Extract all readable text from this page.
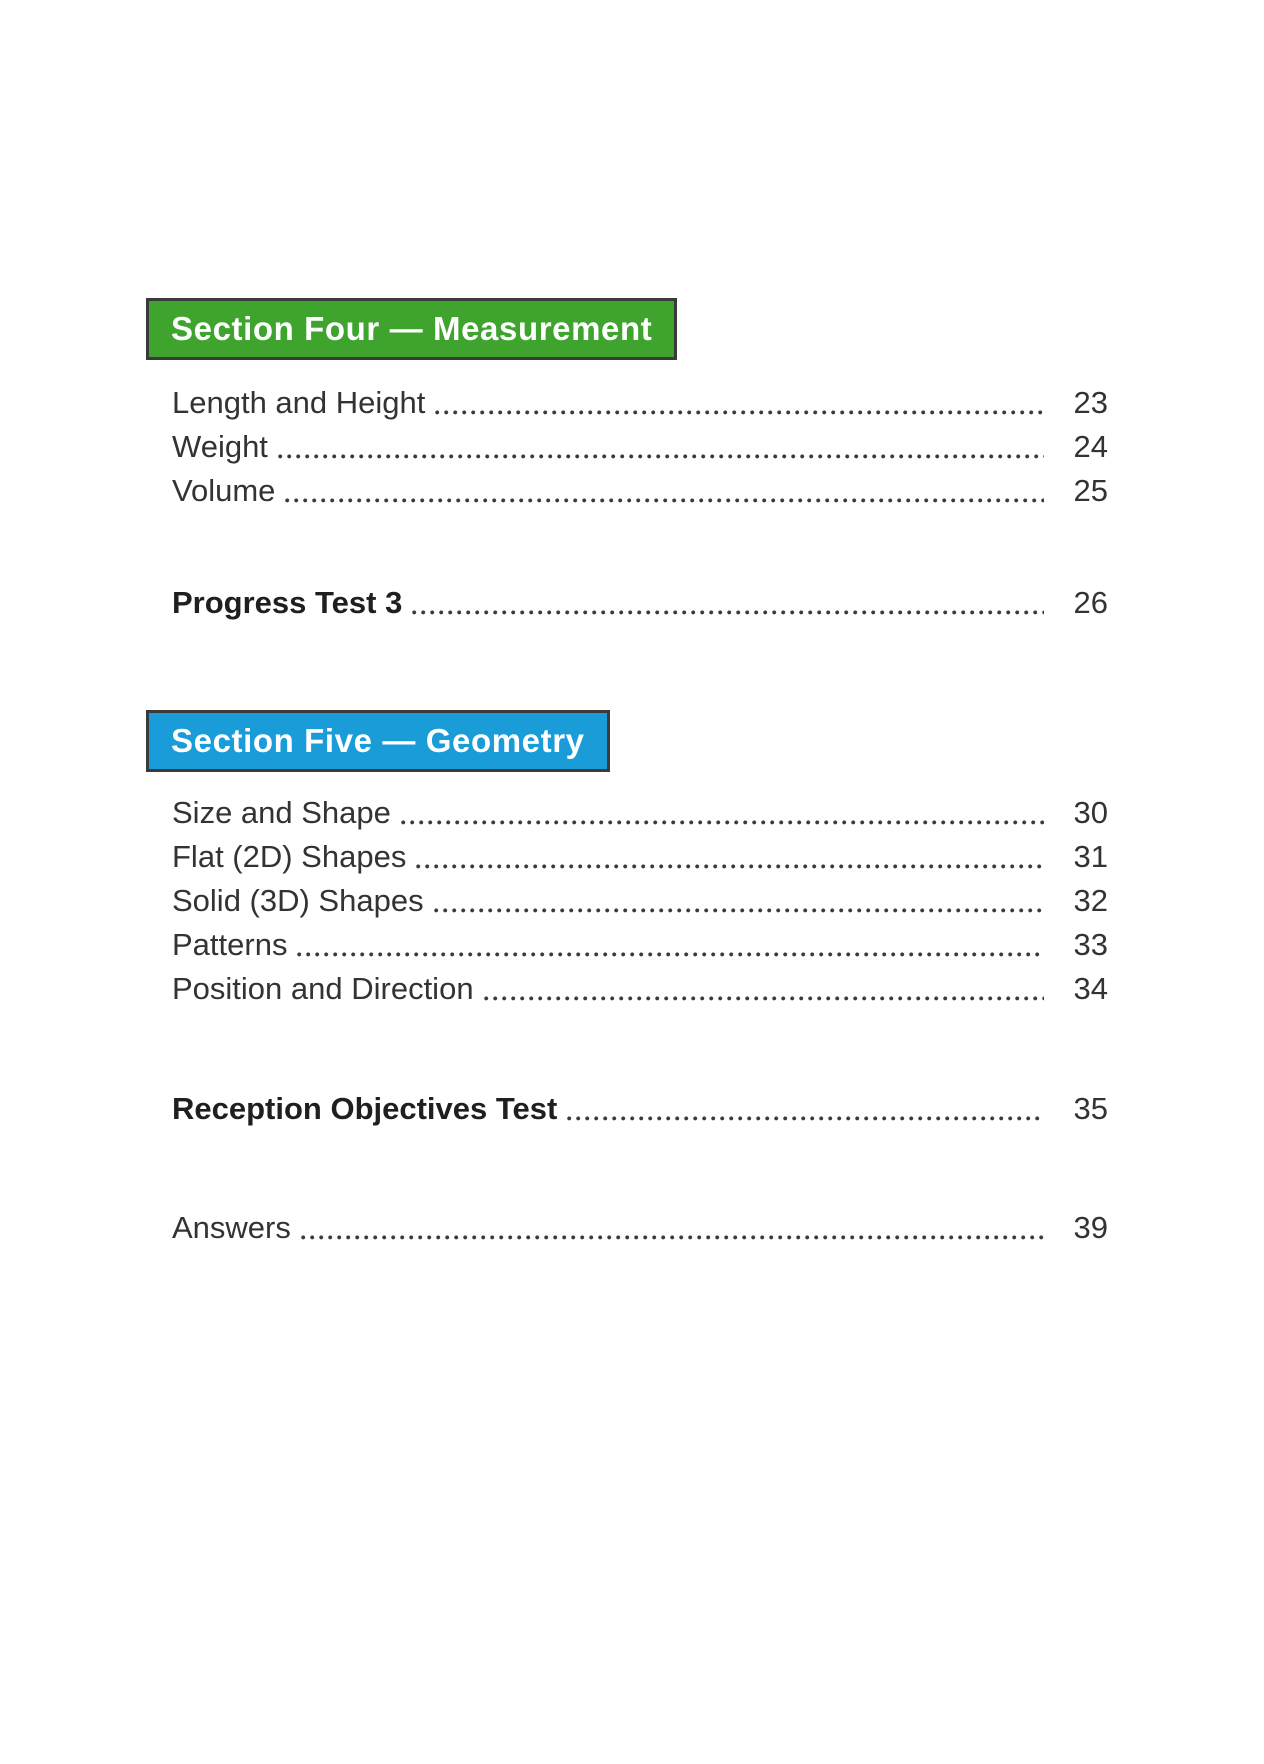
Section Four — Measurement
Length and Height	23
Weight	24
Volume	25
Progress Test 3	26
Section Five — Geometry
Size and Shape	30
Flat (2D) Shapes	31
Solid (3D) Shapes	32
Patterns	33
Position and Direction	34
Reception Objectives Test	35
Answers	39
